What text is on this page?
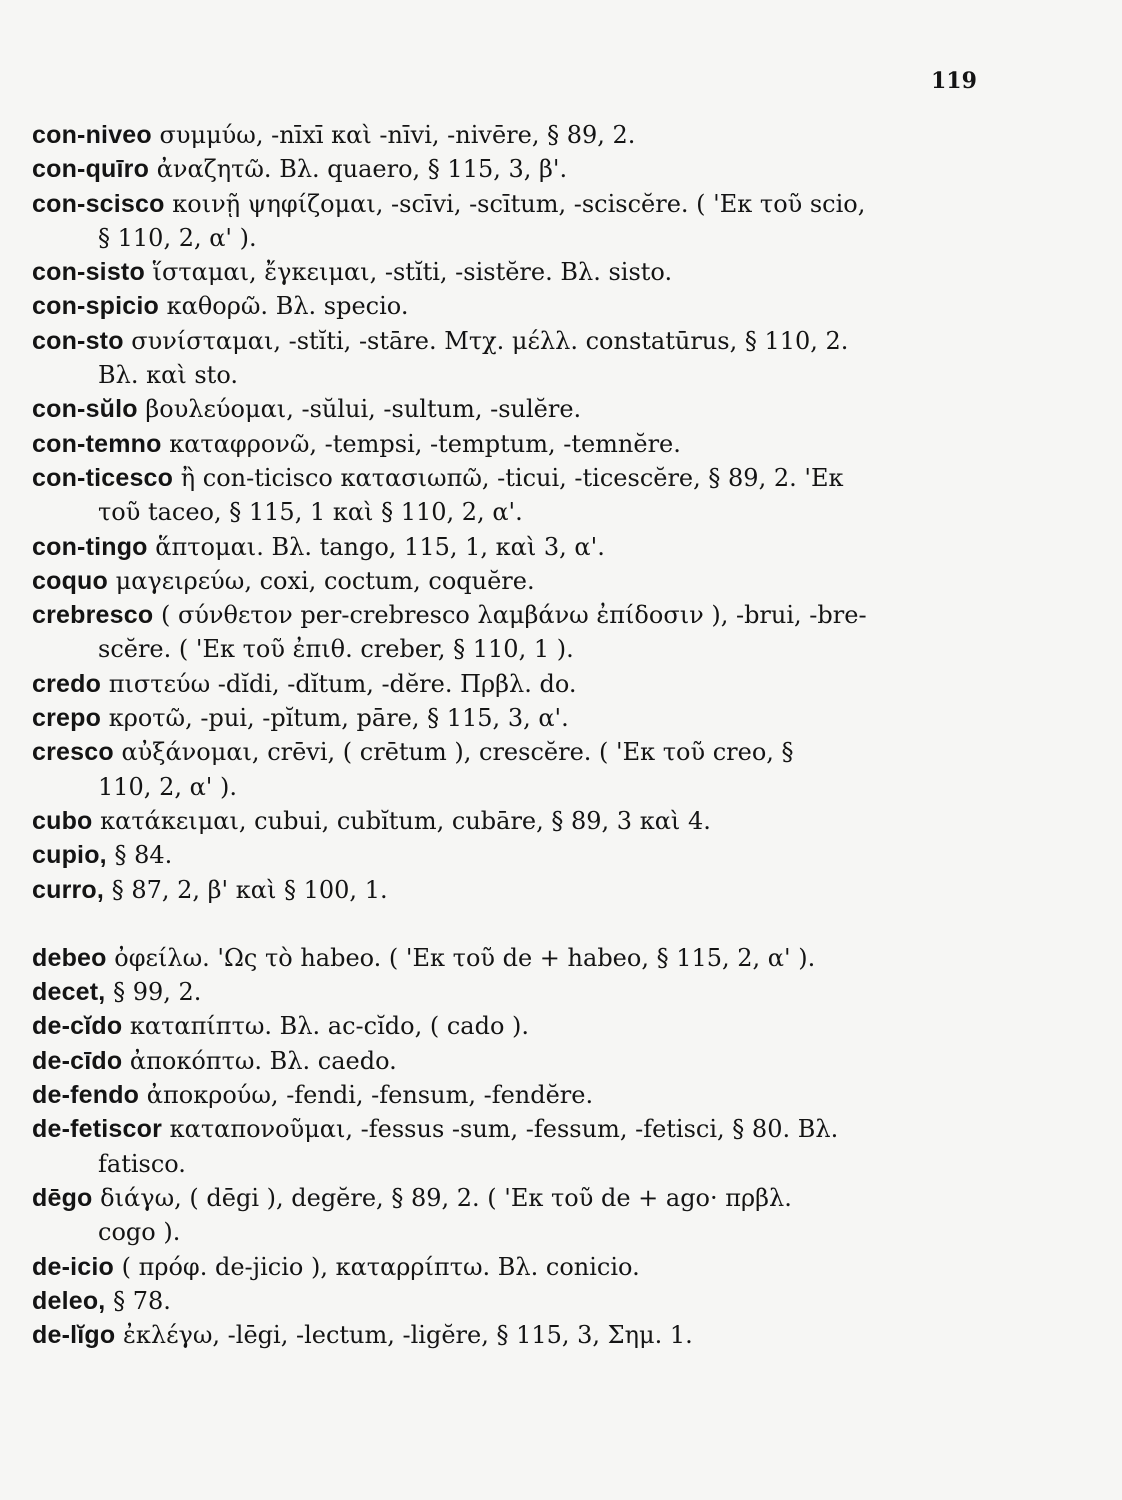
119
con-niveo συμμύω, -nīxī καὶ -nīvi, -nivēre, § 89, 2.
con-quīro ἀναζητῶ. Βλ. quaero, § 115, 3, β'.
con-scisco κοινῇ ψηφίζομαι, -scīvi, -scītum, -sciscĕre. ( 'Εκ τοῦ scio,
§ 110, 2, α' ).
con-sisto ἵσταμαι, ἔγκειμαι, -stĭti, -sistĕre. Βλ. sisto.
con-spicio καθορῶ. Βλ. specio.
con-sto συνίσταμαι, -stĭti, -stāre. Μτχ. μέλλ. constatūrus, § 110, 2.
Βλ. καὶ sto.
con-sŭlo βουλεύομαι, -sŭlui, -sultum, -sulĕre.
con-temno καταφρονῶ, -tempsi, -temptum, -temnĕre.
con-ticesco ἢ con-ticisco κατασιωπῶ, -ticui, -ticescĕre, § 89, 2. 'Εκ
τοῦ taceo, § 115, 1 καὶ § 110, 2, α'.
con-tingo ἅπτομαι. Βλ. tango, 115, 1, καὶ 3, α'.
coquo μαγειρεύω, coxi, coctum, coquĕre.
crebresco ( σύνθετον per-crebresco λαμβάνω ἐπίδοσιν ), -brui, -bre-
scĕre. ( 'Εκ τοῦ ἐπιθ. creber, § 110, 1 ).
credo πιστεύω -dĭdi, -dĭtum, -dĕre. Πρβλ. do.
crepo κροτῶ, -pui, -pĭtum, pāre, § 115, 3, α'.
cresco αὐξάνομαι, crēvi, ( crētum ), crescĕre. ( 'Εκ τοῦ creo, §
110, 2, α' ).
cubo κατάκειμαι, cubui, cubĭtum, cubāre, § 89, 3 καὶ 4.
cupio, § 84.
curro, § 87, 2, β' καὶ § 100, 1.
debeo ὀφείλω. 'Ως τὸ habeo. ( 'Εκ τοῦ de + habeo, § 115, 2, α' ).
decet, § 99, 2.
de-cĭdo καταπίπτω. Βλ. ac-cĭdo, ( cado ).
de-cīdo ἀποκόπτω. Βλ. caedo.
de-fendo ἀποκρούω, -fendi, -fensum, -fendĕre.
de-fetiscor καταπονοῦμαι, -fessus -sum, -fessum, -fetisci, § 80. Βλ.
fatisco.
dēgo διάγω, ( dēgi ), degĕre, § 89, 2. ( 'Εκ τοῦ de + ago· πρβλ.
cogo ).
de-icio ( πρόφ. de-jicio ), καταρρίπτω. Βλ. conicio.
deleo, § 78.
de-lĭgo ἐκλέγω, -lēgi, -lectum, -ligĕre, § 115, 3, Σημ. 1.
